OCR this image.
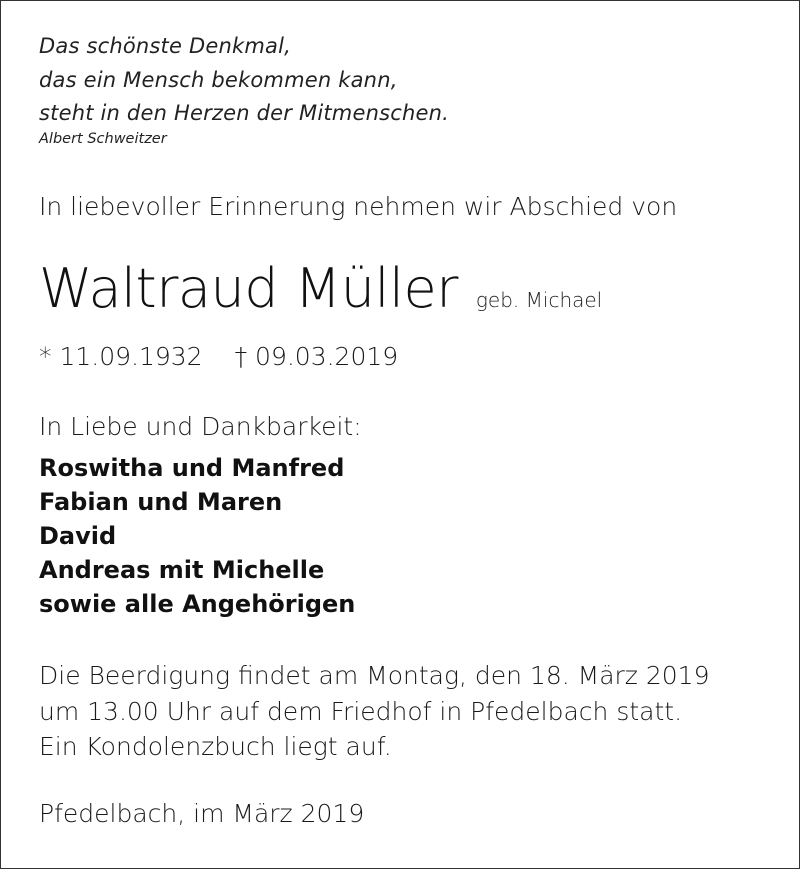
Das schönste Denkmal,
das ein Mensch bekommen kann,
steht in den Herzen der Mitmenschen.
Albert Schweitzer
In liebevoller Erinnerung nehmen wir Abschied von
Waltraud Müller geb. Michael
* 11.09.1932 † 09.03.2019
In Liebe und Dankbarkeit:
Roswitha und Manfred
Fabian und Maren
David
Andreas mit Michelle
sowie alle Angehörigen
Die Beerdigung findet am Montag, den 18. März 2019
um 13.00 Uhr auf dem Friedhof in Pfedelbach statt.
Ein Kondolenzbuch liegt auf.
Pfedelbach, im März 2019
